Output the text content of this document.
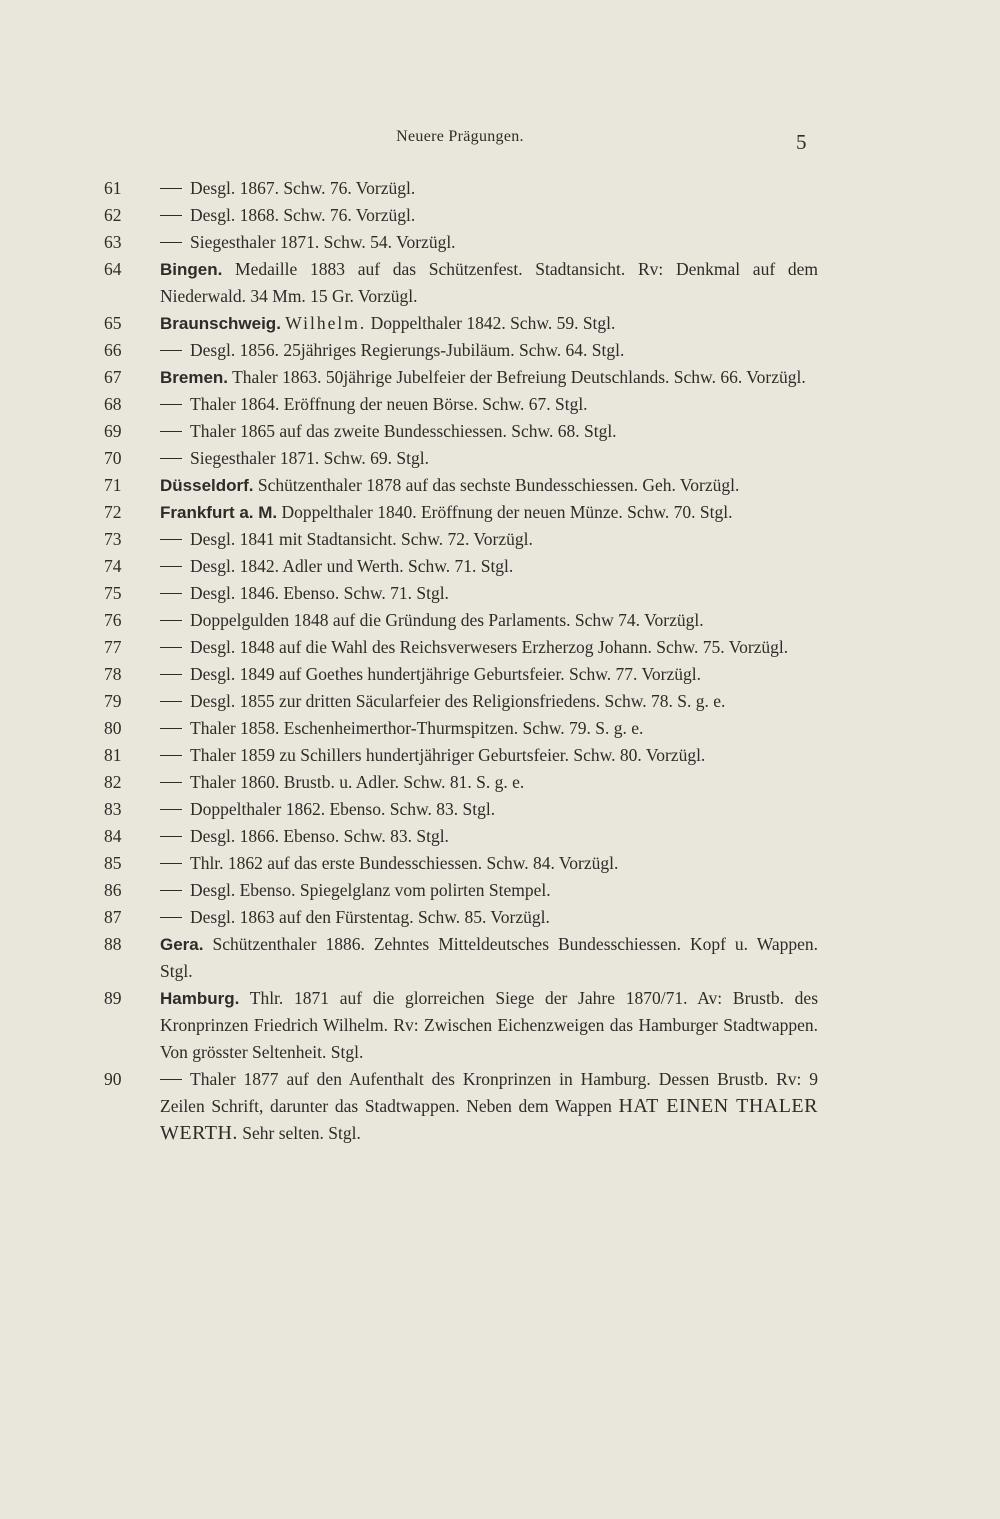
Neuere Prägungen.	5
61	Desgl. 1867. Schw. 76. Vorzügl.
62	Desgl. 1868. Schw. 76. Vorzügl.
63	Siegesthaler 1871. Schw. 54. Vorzügl.
64 Bingen. Medaille 1883 auf das Schützenfest. Stadtansicht. Rv: Denkmal auf dem Niederwald. 34 Mm. 15 Gr. Vorzügl.
65 Braunschweig. Wilhelm. Doppelthaler 1842. Schw. 59. Stgl.
66	Desgl. 1856. 25jähriges Regierungs-Jubiläum. Schw. 64. Stgl.
67 Bremen. Thaler 1863. 50jährige Jubelfeier der Befreiung Deutschlands. Schw. 66. Vorzügl.
68	Thaler 1864. Eröffnung der neuen Börse. Schw. 67. Stgl.
69	Thaler 1865 auf das zweite Bundesschiessen. Schw. 68. Stgl.
70	Siegesthaler 1871. Schw. 69. Stgl.
71 Düsseldorf. Schützenthaler 1878 auf das sechste Bundesschiessen. Geh. Vorzügl.
72 Frankfurt a. M. Doppelthaler 1840. Eröffnung der neuen Münze. Schw. 70. Stgl.
73	Desgl. 1841 mit Stadtansicht. Schw. 72. Vorzügl.
74	Desgl. 1842. Adler und Werth. Schw. 71. Stgl.
75	Desgl. 1846. Ebenso. Schw. 71. Stgl.
76	Doppelgulden 1848 auf die Gründung des Parlaments. Schw 74. Vorzügl.
77	Desgl. 1848 auf die Wahl des Reichsverwesers Erzherzog Johann. Schw. 75. Vorzügl.
78	Desgl. 1849 auf Goethes hundertjährige Geburtsfeier. Schw. 77. Vorzügl.
79	Desgl. 1855 zur dritten Säcularfeier des Religionsfriedens. Schw. 78. S. g. e.
80	Thaler 1858. Eschenheimerthor-Thurmspitzen. Schw. 79. S. g. e.
81	Thaler 1859 zu Schillers hundertjähriger Geburtsfeier. Schw. 80. Vorzügl.
82	Thaler 1860. Brustb. u. Adler. Schw. 81. S. g. e.
83	Doppelthaler 1862. Ebenso. Schw. 83. Stgl.
84	Desgl. 1866. Ebenso. Schw. 83. Stgl.
85	Thlr. 1862 auf das erste Bundesschiessen. Schw. 84. Vorzügl.
86	Desgl. Ebenso. Spiegelglanz vom polirten Stempel.
87	Desgl. 1863 auf den Fürstentag. Schw. 85. Vorzügl.
88 Gera. Schützenthaler 1886. Zehntes Mitteldeutsches Bundesschiessen. Kopf u. Wappen. Stgl.
89 Hamburg. Thlr. 1871 auf die glorreichen Siege der Jahre 1870/71. Av: Brustb. des Kronprinzen Friedrich Wilhelm. Rv: Zwischen Eichenzweigen das Hamburger Stadtwappen. Von grösster Seltenheit. Stgl.
90	Thaler 1877 auf den Aufenthalt des Kronprinzen in Hamburg. Dessen Brustb. Rv: 9 Zeilen Schrift, darunter das Stadtwappen. Neben dem Wappen HAT EINEN THALER WERTH. Sehr selten. Stgl.
